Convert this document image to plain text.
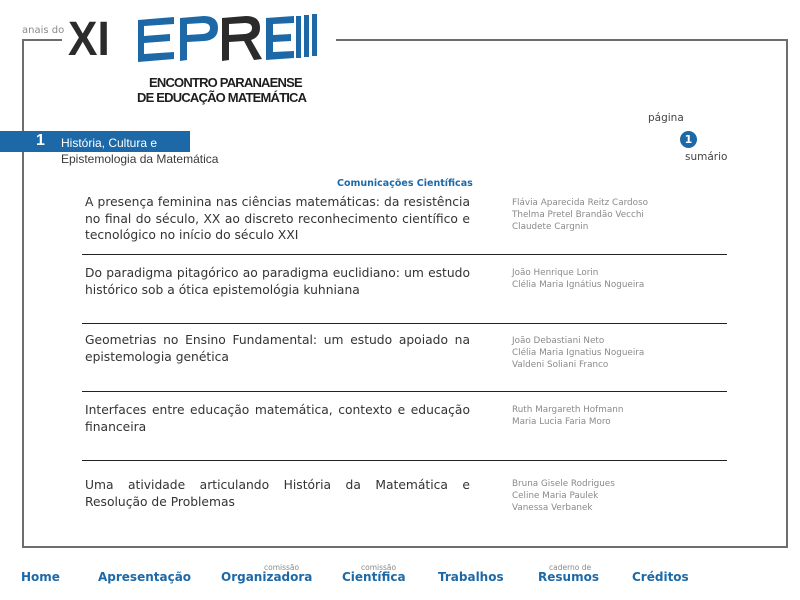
anais do XI
ENCONTRO PARANAENSE
DE EDUCAÇÃO MATEMÁTICA
1 História, Cultura e
Epistemologia da Matemática
página
1
sumário
Comunicações Científicas
A presença feminina nas ciências matemáticas: da resistência no final do século, XX ao discreto reconhecimento científico e tecnológico no início do século XXI
Flávia Aparecida Reitz Cardoso
Thelma Pretel Brandão Vecchi
Claudete Cargnin
Do paradigma pitagórico ao paradigma euclidiano: um estudo histórico sob a ótica epistemológia kuhniana
João Henrique Lorin
Clélia Maria Ignátius Nogueira
Geometrias no Ensino Fundamental: um estudo apoiado na epistemologia genética
João Debastiani Neto
Clélia Maria Ignatius Nogueira
Valdeni Soliani Franco
Interfaces entre educação matemática, contexto e educação financeira
Ruth Margareth Hofmann
Maria Lucia Faria Moro
Uma atividade articulando História da Matemática e Resolução de Problemas
Bruna Gisele Rodrigues
Celine Maria Paulek
Vanessa Verbanek
Home	Apresentação
comissão
Organizadora
comissão
Científica	Trabalhos
caderno de
Resumos	Créditos
